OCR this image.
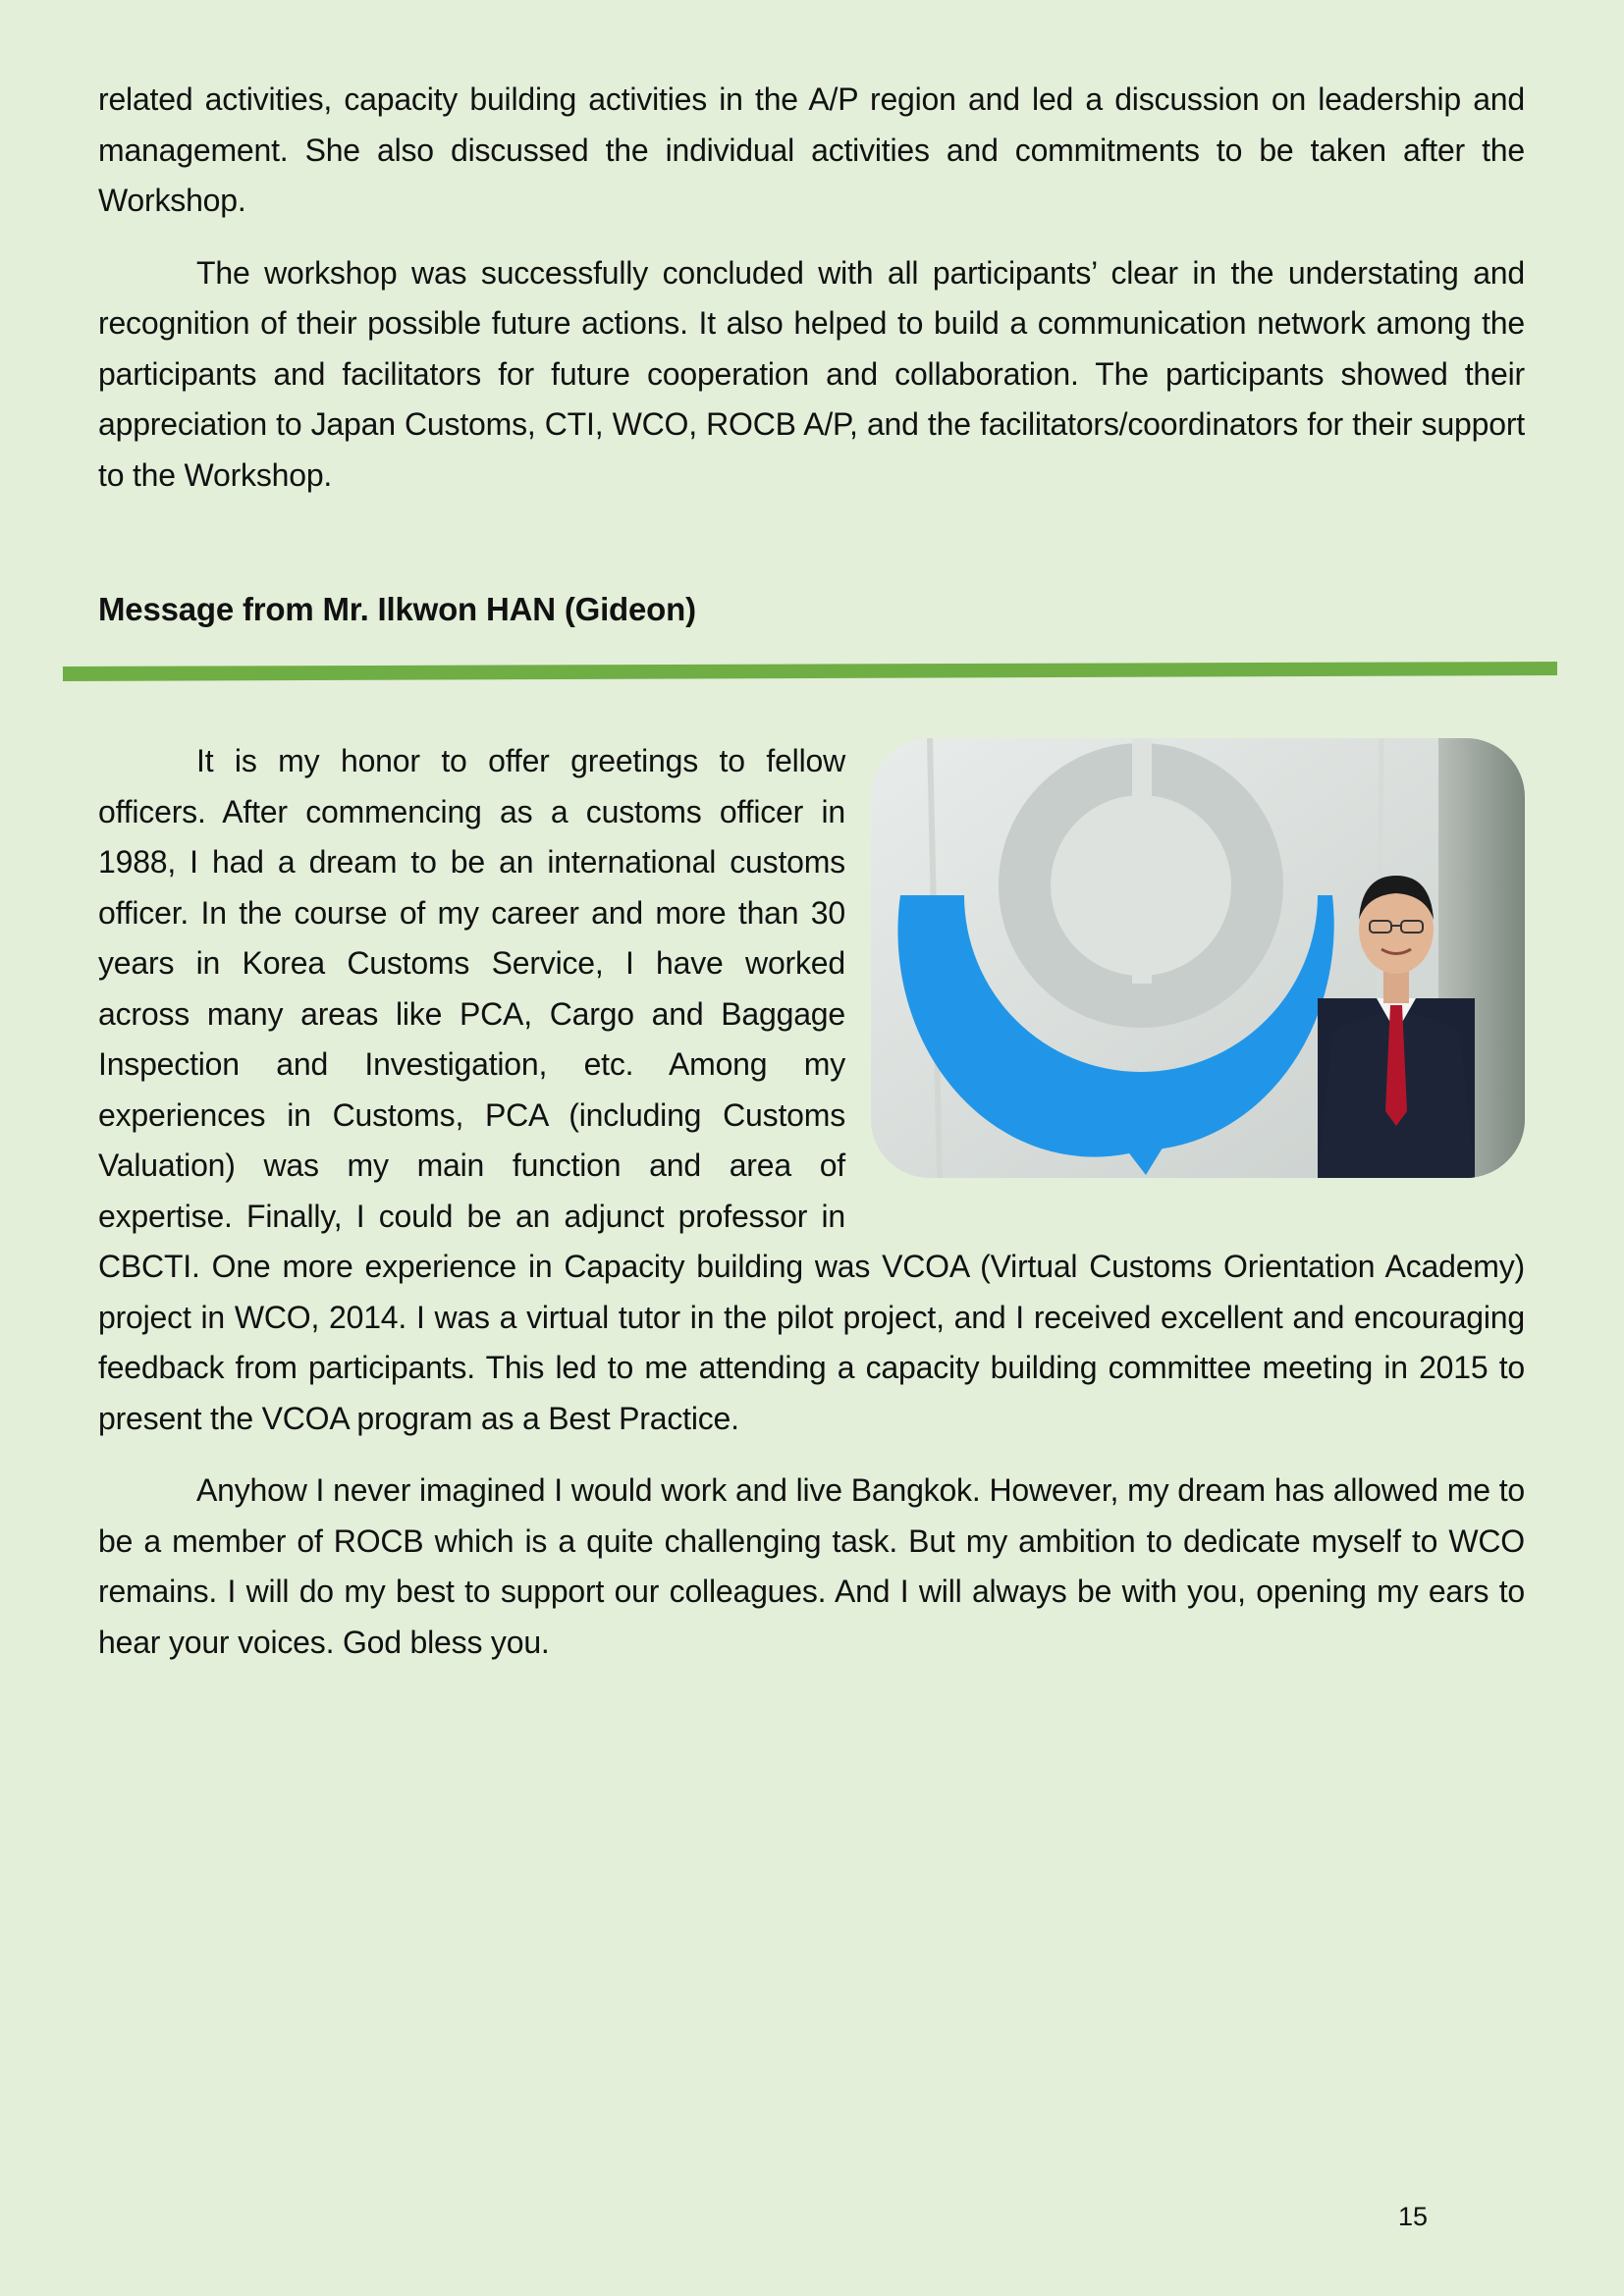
related activities, capacity building activities in the A/P region and led a discussion on leadership and management. She also discussed the individual activities and commitments to be taken after the Workshop.

The workshop was successfully concluded with all participants’ clear in the understating and recognition of their possible future actions. It also helped to build a communication network among the participants and facilitators for future cooperation and collaboration. The participants showed their appreciation to Japan Customs, CTI, WCO, ROCB A/P, and the facilitators/coordinators for their support to the Workshop.

Message from Mr. Ilkwon HAN (Gideon)

It is my honor to offer greetings to fellow officers. After commencing as a customs officer in 1988, I had a dream to be an international customs officer. In the course of my career and more than 30 years in Korea Customs Service, I have worked across many areas like PCA, Cargo and Baggage Inspection and Investigation, etc. Among my experiences in Customs, PCA (including Customs Valuation) was my main function and area of expertise. Finally, I could be an adjunct professor in CBCTI. One more experience in Capacity building was VCOA (Virtual Customs Orientation Academy) project in WCO, 2014. I was a virtual tutor in the pilot project, and I received excellent and encouraging feedback from participants. This led to me attending a capacity building committee meeting in 2015 to present the VCOA program as a Best Practice.

Anyhow I never imagined I would work and live Bangkok. However, my dream has allowed me to be a member of ROCB which is a quite challenging task. But my ambition to dedicate myself to WCO remains. I will do my best to support our colleagues. And I will always be with you, opening my ears to hear your voices. God bless you.

15
